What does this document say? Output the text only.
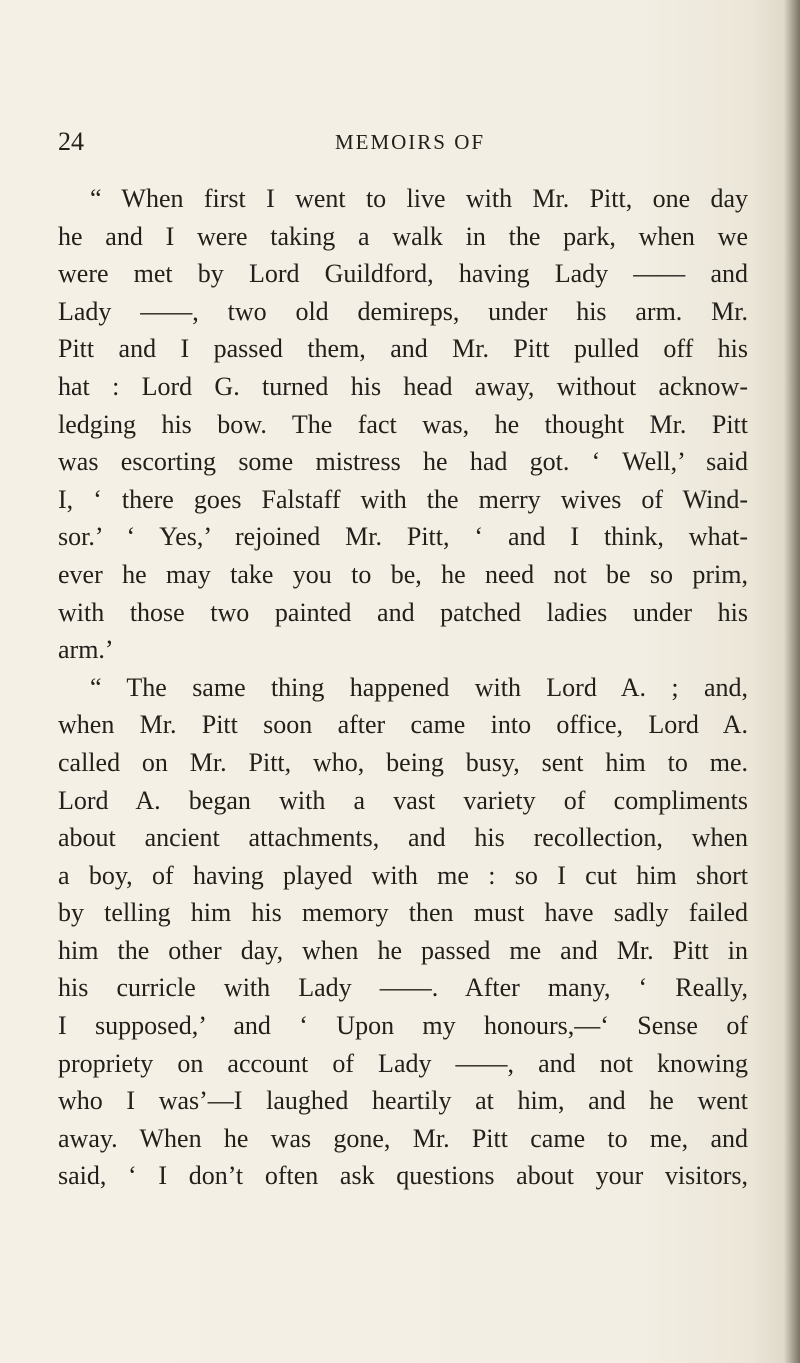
24	MEMOIRS OF
“ When first I went to live with Mr. Pitt, one day
he and I were taking a walk in the park, when we
were met by Lord Guildford, having Lady —— and
Lady ——, two old demireps, under his arm. Mr.
Pitt and I passed them, and Mr. Pitt pulled off his
hat : Lord G. turned his head away, without acknow-
ledging his bow. The fact was, he thought Mr. Pitt
was escorting some mistress he had got. ‘ Well,’ said
I, ‘ there goes Falstaff with the merry wives of Wind-
sor.’ ‘ Yes,’ rejoined Mr. Pitt, ‘ and I think, what-
ever he may take you to be, he need not be so prim,
with those two painted and patched ladies under his
arm.’
“ The same thing happened with Lord A. ; and,
when Mr. Pitt soon after came into office, Lord A.
called on Mr. Pitt, who, being busy, sent him to me.
Lord A. began with a vast variety of compliments
about ancient attachments, and his recollection, when
a boy, of having played with me : so I cut him short
by telling him his memory then must have sadly failed
him the other day, when he passed me and Mr. Pitt in
his curricle with Lady ——. After many, ‘ Really,
I supposed,’ and ‘ Upon my honours,—‘ Sense of
propriety on account of Lady ——, and not knowing
who I was’—I laughed heartily at him, and he went
away. When he was gone, Mr. Pitt came to me, and
said, ‘ I don’t often ask questions about your visitors,
